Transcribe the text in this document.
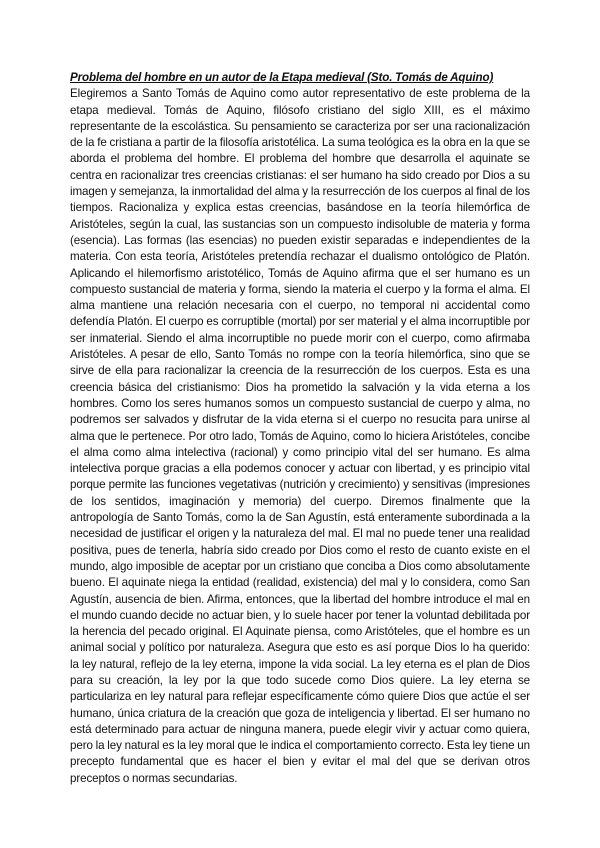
Problema del hombre en un autor de la Etapa medieval (Sto. Tomás de Aquino)

Elegiremos a Santo Tomás de Aquino como autor representativo de este problema de la etapa medieval. Tomás de Aquino, filósofo cristiano del siglo XIII, es el máximo representante de la escolástica. Su pensamiento se caracteriza por ser una racionalización de la fe cristiana a partir de la filosofía aristotélica. La suma teológica es la obra en la que se aborda el problema del hombre. El problema del hombre que desarrolla el aquinate se centra en racionalizar tres creencias cristianas: el ser humano ha sido creado por Dios a su imagen y semejanza, la inmortalidad del alma y la resurrección de los cuerpos al final de los tiempos. Racionaliza y explica estas creencias, basándose en la teoría hilemórfica de Aristóteles, según la cual, las sustancias son un compuesto indisoluble de materia y forma (esencia). Las formas (las esencias) no pueden existir separadas e independientes de la materia. Con esta teoría, Aristóteles pretendía rechazar el dualismo ontológico de Platón. Aplicando el hilemorfismo aristotélico, Tomás de Aquino afirma que el ser humano es un compuesto sustancial de materia y forma, siendo la materia el cuerpo y la forma el alma. El alma mantiene una relación necesaria con el cuerpo, no temporal ni accidental como defendía Platón. El cuerpo es corruptible (mortal) por ser material y el alma incorruptible por ser inmaterial. Siendo el alma incorruptible no puede morir con el cuerpo, como afirmaba Aristóteles. A pesar de ello, Santo Tomás no rompe con la teoría hilemórfica, sino que se sirve de ella para racionalizar la creencia de la resurrección de los cuerpos. Esta es una creencia básica del cristianismo: Dios ha prometido la salvación y la vida eterna a los hombres. Como los seres humanos somos un compuesto sustancial de cuerpo y alma, no podremos ser salvados y disfrutar de la vida eterna si el cuerpo no resucita para unirse al alma que le pertenece. Por otro lado, Tomás de Aquino, como lo hiciera Aristóteles, concibe el alma como alma intelectiva (racional) y como principio vital del ser humano. Es alma intelectiva porque gracias a ella podemos conocer y actuar con libertad, y es principio vital porque permite las funciones vegetativas (nutrición y crecimiento) y sensitivas (impresiones de los sentidos, imaginación y memoria) del cuerpo. Diremos finalmente que la antropología de Santo Tomás, como la de San Agustín, está enteramente subordinada a la necesidad de justificar el origen y la naturaleza del mal. El mal no puede tener una realidad positiva, pues de tenerla, habría sido creado por Dios como el resto de cuanto existe en el mundo, algo imposible de aceptar por un cristiano que conciba a Dios como absolutamente bueno. El aquinate niega la entidad (realidad, existencia) del mal y lo considera, como San Agustín, ausencia de bien. Afirma, entonces, que la libertad del hombre introduce el mal en el mundo cuando decide no actuar bien, y lo suele hacer por tener la voluntad debilitada por la herencia del pecado original. El Aquinate piensa, como Aristóteles, que el hombre es un animal social y político por naturaleza. Asegura que esto es así porque Dios lo ha querido: la ley natural, reflejo de la ley eterna, impone la vida social. La ley eterna es el plan de Dios para su creación, la ley por la que todo sucede como Dios quiere. La ley eterna se particulariza en ley natural para reflejar específicamente cómo quiere Dios que actúe el ser humano, única criatura de la creación que goza de inteligencia y libertad. El ser humano no está determinado para actuar de ninguna manera, puede elegir vivir y actuar como quiera, pero la ley natural es la ley moral que le indica el comportamiento correcto. Esta ley tiene un precepto fundamental que es hacer el bien y evitar el mal del que se derivan otros preceptos o normas secundarias.
